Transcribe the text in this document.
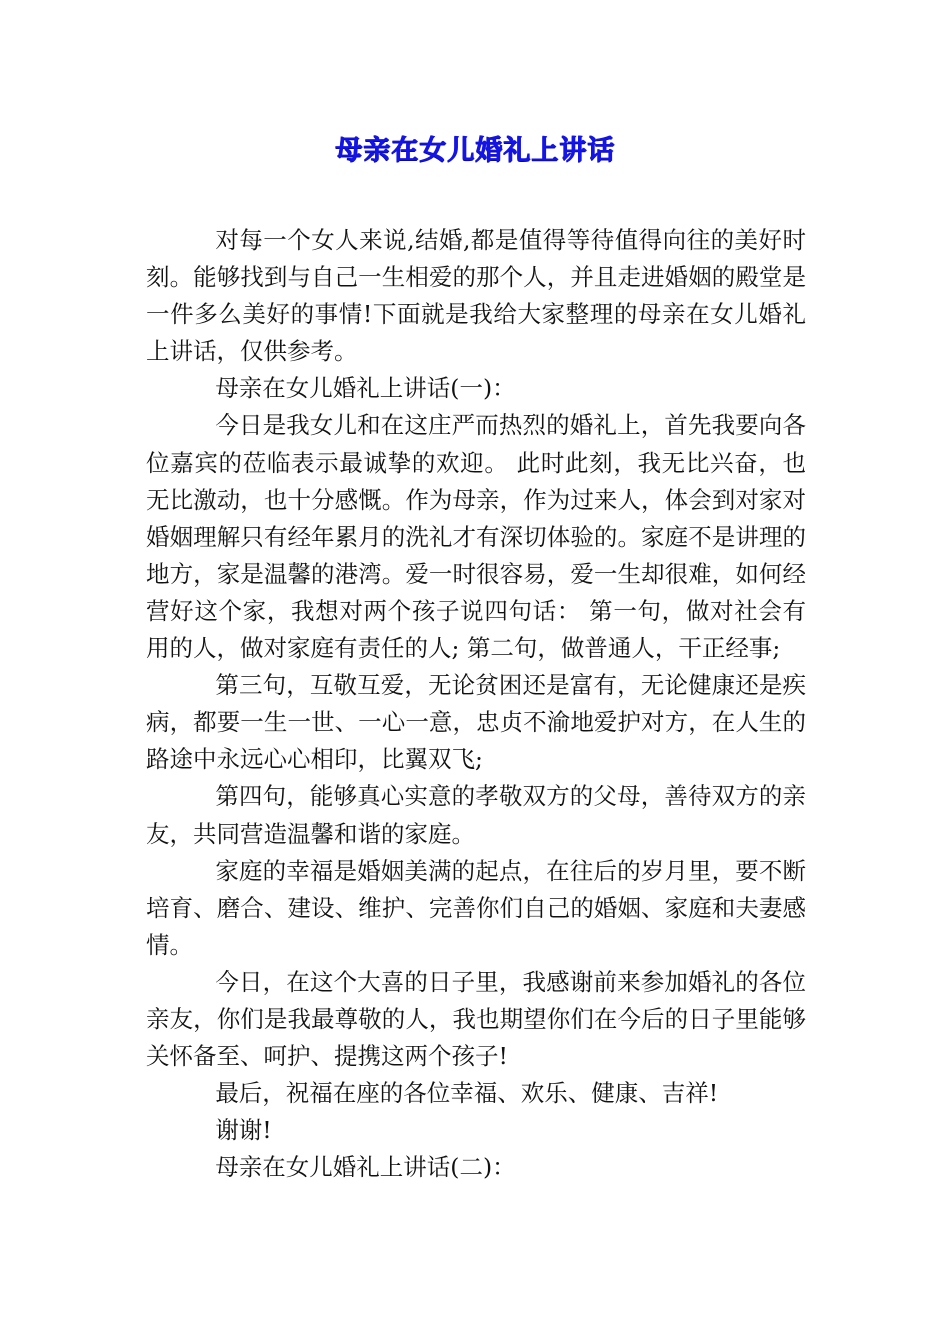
母亲在女儿婚礼上讲话

对每一个女人来说,结婚,都是值得等待值得向往的美好时刻。能够找到与自己一生相爱的那个人，并且走进婚姻的殿堂是一件多么美好的事情!下面就是我给大家整理的母亲在女儿婚礼上讲话，仅供参考。

母亲在女儿婚礼上讲话(一)：

今日是我女儿和在这庄严而热烈的婚礼上，首先我要向各位嘉宾的莅临表示最诚挚的欢迎。 此时此刻，我无比兴奋，也无比激动，也十分感慨。作为母亲，作为过来人，体会到对家对婚姻理解只有经年累月的洗礼才有深切体验的。家庭不是讲理的地方，家是温馨的港湾。爱一时很容易，爱一生却很难，如何经营好这个家，我想对两个孩子说四句话： 第一句，做对社会有用的人，做对家庭有责任的人; 第二句，做普通人，干正经事;

第三句，互敬互爱，无论贫困还是富有，无论健康还是疾病，都要一生一世、一心一意，忠贞不渝地爱护对方，在人生的路途中永远心心相印，比翼双飞;

第四句，能够真心实意的孝敬双方的父母，善待双方的亲友，共同营造温馨和谐的家庭。

家庭的幸福是婚姻美满的起点，在往后的岁月里，要不断培育、磨合、建设、维护、完善你们自己的婚姻、家庭和夫妻感情。

今日，在这个大喜的日子里，我感谢前来参加婚礼的各位亲友，你们是我最尊敬的人，我也期望你们在今后的日子里能够关怀备至、呵护、提携这两个孩子!

最后，祝福在座的各位幸福、欢乐、健康、吉祥!

谢谢!

母亲在女儿婚礼上讲话(二)：
